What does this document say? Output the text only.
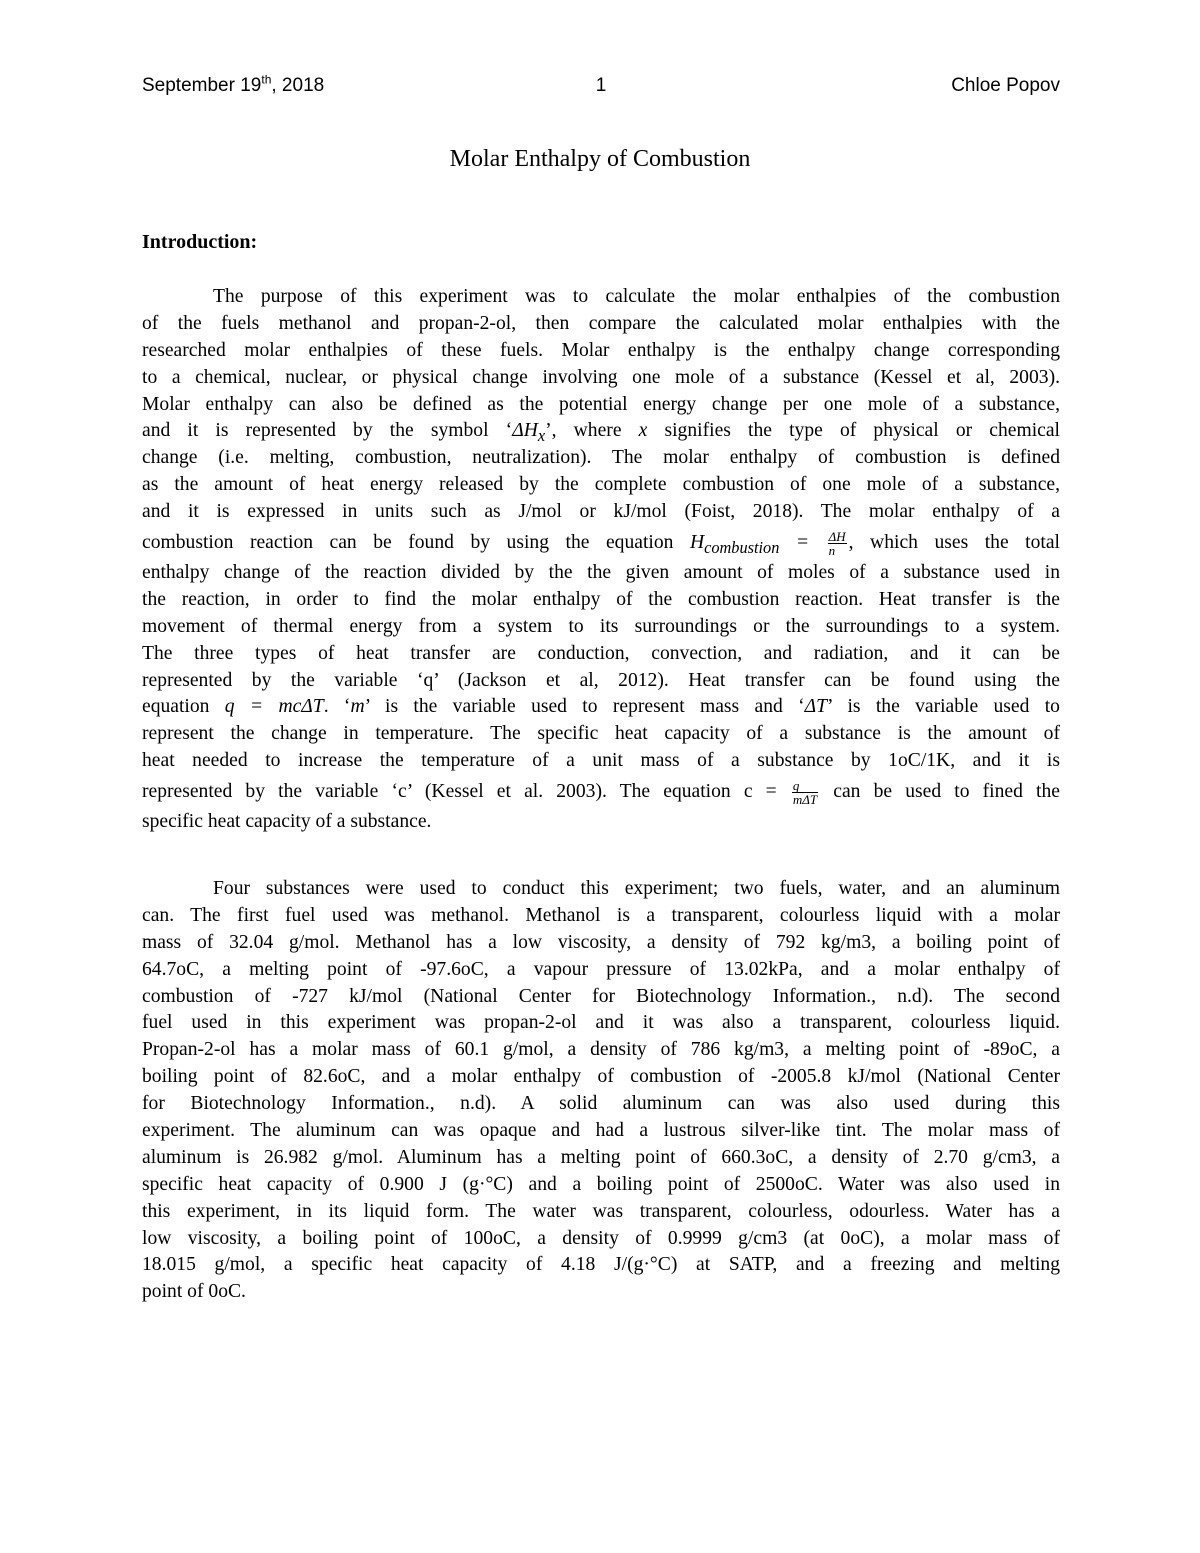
September 19th, 2018	1	Chloe Popov
Molar Enthalpy of Combustion
Introduction:
The purpose of this experiment was to calculate the molar enthalpies of the combustion
of the fuels methanol and propan-2-ol, then compare the calculated molar enthalpies with the
researched molar enthalpies of these fuels. Molar enthalpy is the enthalpy change corresponding
to a chemical, nuclear, or physical change involving one mole of a substance (Kessel et al, 2003).
Molar enthalpy can also be defined as the potential energy change per one mole of a substance,
and it is represented by the symbol ‘$\Delta H_x$’, where x signifies the type of physical or chemical
change (i.e. melting, combustion, neutralization). The molar enthalpy of combustion is defined
as the amount of heat energy released by the complete combustion of one mole of a substance,
and it is expressed in units such as J/mol or kJ/mol (Foist, 2018). The molar enthalpy of a
combustion reaction can be found by using the equation $H_{combustion} = \frac{\Delta H}{n}$ , which uses the total
enthalpy change of the reaction divided by the the given amount of moles of a substance used in
the reaction, in order to find the molar enthalpy of the combustion reaction. Heat transfer is the
movement of thermal energy from a system to its surroundings or the surroundings to a system.
The three types of heat transfer are conduction, convection, and radiation, and it can be
represented by the variable ‘q’ (Jackson et al, 2012). Heat transfer can be found using the
equation q = mcΔT. ‘m’ is the variable used to represent mass and ‘ΔT’ is the variable used to
represent the change in temperature. The specific heat capacity of a substance is the amount of
heat needed to increase the temperature of a unit mass of a substance by 1oC/1K, and it is
represented by the variable ‘c’ (Kessel et al. 2003). The equation $c = \frac{q}{\text{mΔT}}$ can be used to fined the
specific heat capacity of a substance.
Four substances were used to conduct this experiment; two fuels, water, and an aluminum
can. The first fuel used was methanol. Methanol is a transparent, colourless liquid with a molar
mass of 32.04 g/mol. Methanol has a low viscosity, a density of 792 kg/m3, a boiling point of
64.7oC, a melting point of -97.6oC, a vapour pressure of 13.02kPa, and a molar enthalpy of
combustion of -727 kJ/mol (National Center for Biotechnology Information., n.d). The second
fuel used in this experiment was propan-2-ol and it was also a transparent, colourless liquid.
Propan-2-ol has a molar mass of 60.1 g/mol, a density of 786 kg/m3, a melting point of -89oC, a
boiling point of 82.6oC, and a molar enthalpy of combustion of -2005.8 kJ/mol (National Center
for Biotechnology Information., n.d). A solid aluminum can was also used during this
experiment. The aluminum can was opaque and had a lustrous silver-like tint. The molar mass of
aluminum is 26.982 g/mol. Aluminum has a melting point of 660.3oC, a density of 2.70 g/cm3, a
specific heat capacity of 0.900 J (g·°C) and a boiling point of 2500oC. Water was also used in
this experiment, in its liquid form. The water was transparent, colourless, odourless. Water has a
low viscosity, a boiling point of 100oC, a density of 0.9999 g/cm3 (at 0oC), a molar mass of
18.015 g/mol, a specific heat capacity of 4.18 J/(g·°C) at SATP, and a freezing and melting
point of 0oC.
